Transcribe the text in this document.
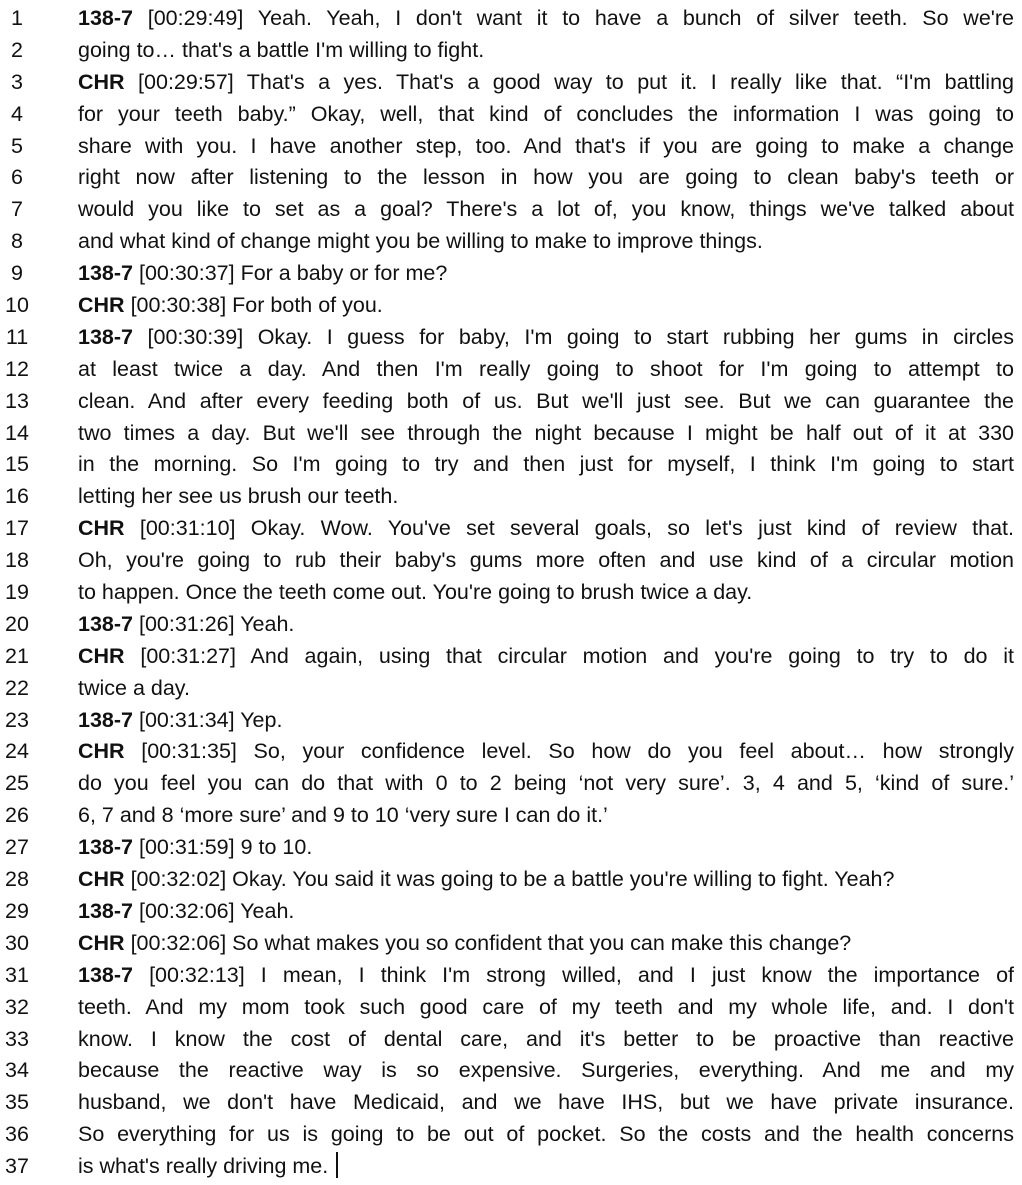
1	138-7 [00:29:49] Yeah. Yeah, I don't want it to have a bunch of silver teeth. So we're
2	going to… that's a battle I'm willing to fight.
3	CHR [00:29:57] That's a yes. That's a good way to put it. I really like that. “I'm battling
4	for your teeth baby.” Okay, well, that kind of concludes the information I was going to
5	share with you. I have another step, too. And that's if you are going to make a change
6	right now after listening to the lesson in how you are going to clean baby's teeth or
7	would you like to set as a goal? There's a lot of, you know, things we've talked about
8	and what kind of change might you be willing to make to improve things.
9	138-7 [00:30:37] For a baby or for me?
10 CHR [00:30:38] For both of you.
11 138-7 [00:30:39] Okay. I guess for baby, I'm going to start rubbing her gums in circles
12 at least twice a day. And then I'm really going to shoot for I'm going to attempt to
13 clean. And after every feeding both of us. But we'll just see. But we can guarantee the
14 two times a day. But we'll see through the night because I might be half out of it at 330
15 in the morning. So I'm going to try and then just for myself, I think I'm going to start
16 letting her see us brush our teeth.
17 CHR [00:31:10] Okay. Wow. You've set several goals, so let's just kind of review that.
18 Oh, you're going to rub their baby's gums more often and use kind of a circular motion
19 to happen. Once the teeth come out. You're going to brush twice a day.
20 138-7 [00:31:26] Yeah.
21 CHR [00:31:27] And again, using that circular motion and you're going to try to do it
22 twice a day.
23 138-7 [00:31:34] Yep.
24 CHR [00:31:35] So, your confidence level. So how do you feel about… how strongly
25 do you feel you can do that with 0 to 2 being ‘not very sure’. 3, 4 and 5, ‘kind of sure.’
26 6, 7 and 8 ‘more sure’ and 9 to 10 ‘very sure I can do it.’
27 138-7 [00:31:59] 9 to 10.
28 CHR [00:32:02] Okay. You said it was going to be a battle you're willing to fight. Yeah?
29 138-7 [00:32:06] Yeah.
30 CHR [00:32:06] So what makes you so confident that you can make this change?
31 138-7 [00:32:13] I mean, I think I'm strong willed, and I just know the importance of
32 teeth. And my mom took such good care of my teeth and my whole life, and. I don't
33 know. I know the cost of dental care, and it's better to be proactive than reactive
34 because the reactive way is so expensive. Surgeries, everything. And me and my
35 husband, we don't have Medicaid, and we have IHS, but we have private insurance.
36 So everything for us is going to be out of pocket. So the costs and the health concerns
37 is what's really driving me.
